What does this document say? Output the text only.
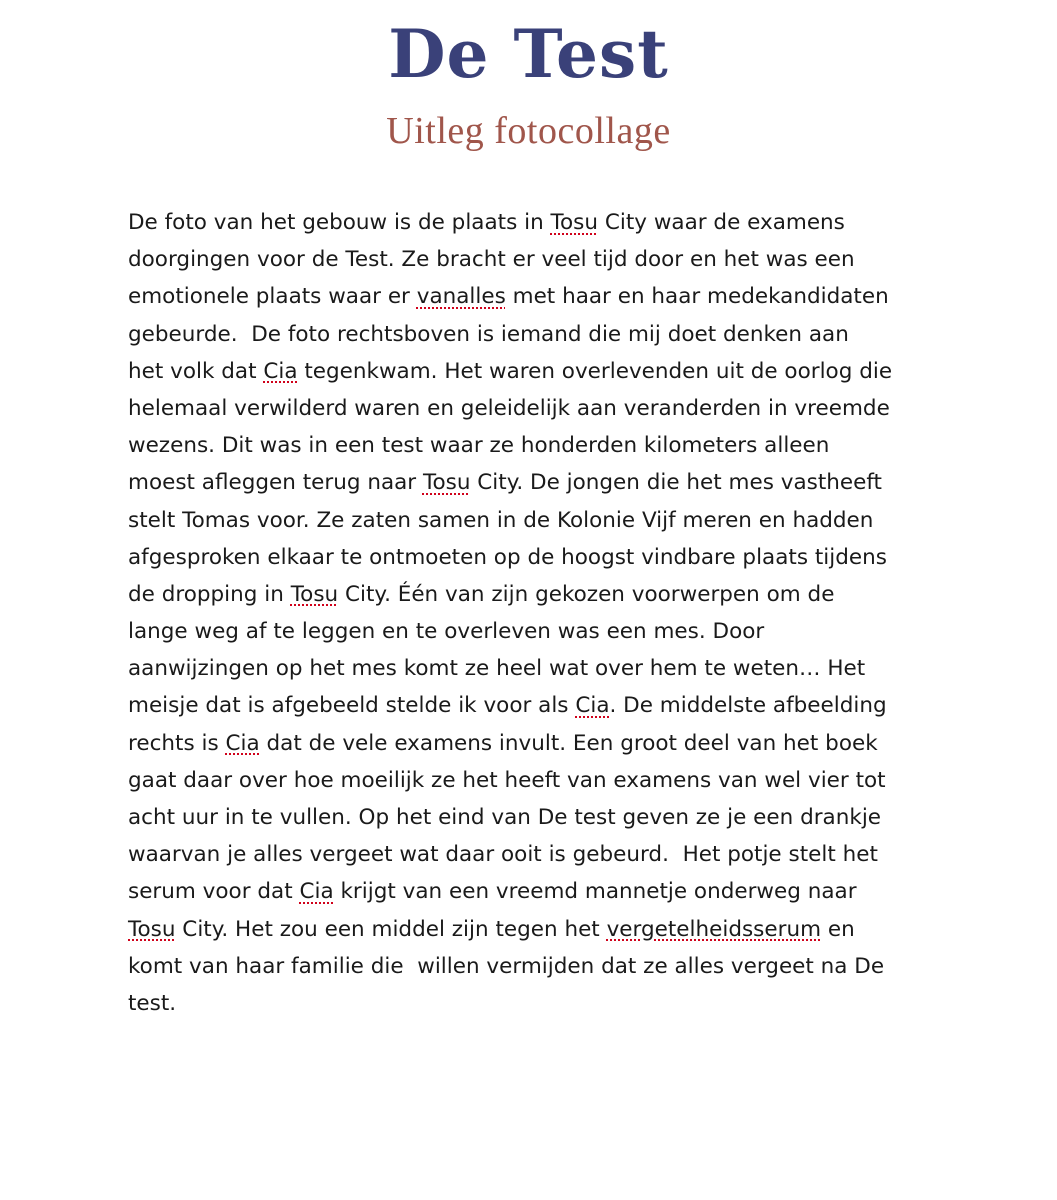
De Test
Uitleg fotocollage
De foto van het gebouw is de plaats in Tosu City waar de examens
doorgingen voor de Test. Ze bracht er veel tijd door en het was een
emotionele plaats waar er vanalles met haar en haar medekandidaten
gebeurde.  De foto rechtsboven is iemand die mij doet denken aan
het volk dat Cia tegenkwam. Het waren overlevenden uit de oorlog die
helemaal verwilderd waren en geleidelijk aan veranderden in vreemde
wezens. Dit was in een test waar ze honderden kilometers alleen
moest afleggen terug naar Tosu City. De jongen die het mes vastheeft
stelt Tomas voor. Ze zaten samen in de Kolonie Vijf meren en hadden
afgesproken elkaar te ontmoeten op de hoogst vindbare plaats tijdens
de dropping in Tosu City. Één van zijn gekozen voorwerpen om de
lange weg af te leggen en te overleven was een mes. Door
aanwijzingen op het mes komt ze heel wat over hem te weten… Het
meisje dat is afgebeeld stelde ik voor als Cia. De middelste afbeelding
rechts is Cia dat de vele examens invult. Een groot deel van het boek
gaat daar over hoe moeilijk ze het heeft van examens van wel vier tot
acht uur in te vullen. Op het eind van De test geven ze je een drankje
waarvan je alles vergeet wat daar ooit is gebeurd.  Het potje stelt het
serum voor dat Cia krijgt van een vreemd mannetje onderweg naar
Tosu City. Het zou een middel zijn tegen het vergetelheidsserum en
komt van haar familie die  willen vermijden dat ze alles vergeet na De
test.
